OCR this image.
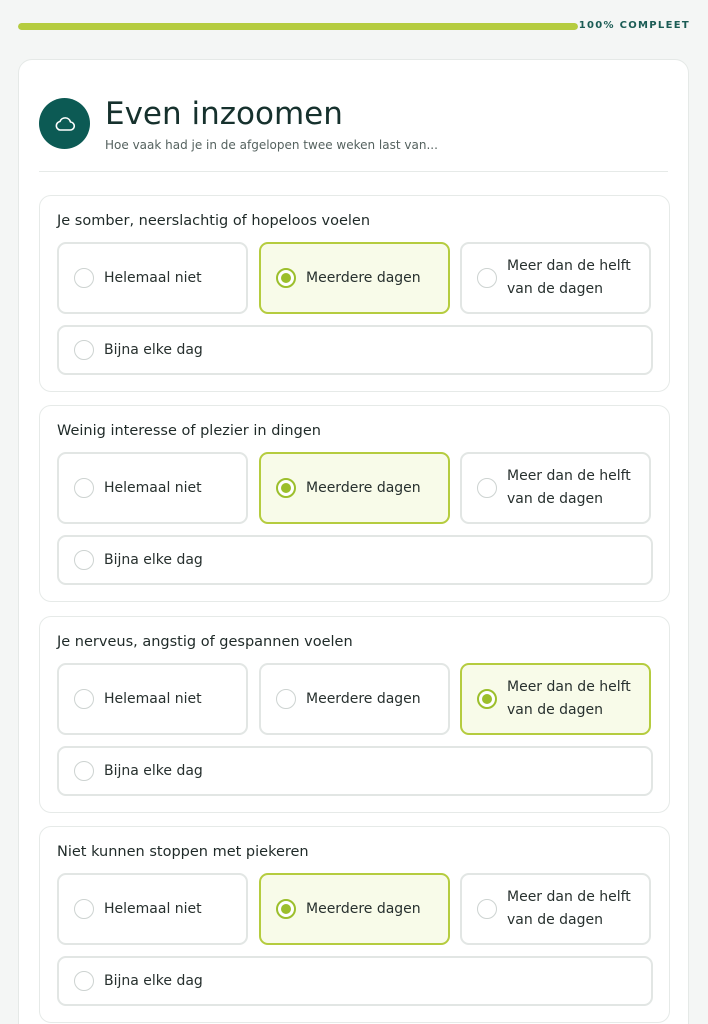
100% COMPLEET
Even inzoomen
Hoe vaak had je in de afgelopen twee weken last van...
Je somber, neerslachtig of hopeloos voelen
Helemaal niet	Meerdere dagen
Meer dan de helft van de dagen
Bijna elke dag
Weinig interesse of plezier in dingen
Helemaal niet	Meerdere dagen
Meer dan de helft van de dagen
Bijna elke dag
Je nerveus, angstig of gespannen voelen
Helemaal niet	Meerdere dagen
Meer dan de helft van de dagen
Bijna elke dag
Niet kunnen stoppen met piekeren
Helemaal niet	Meerdere dagen
Meer dan de helft van de dagen
Bijna elke dag
